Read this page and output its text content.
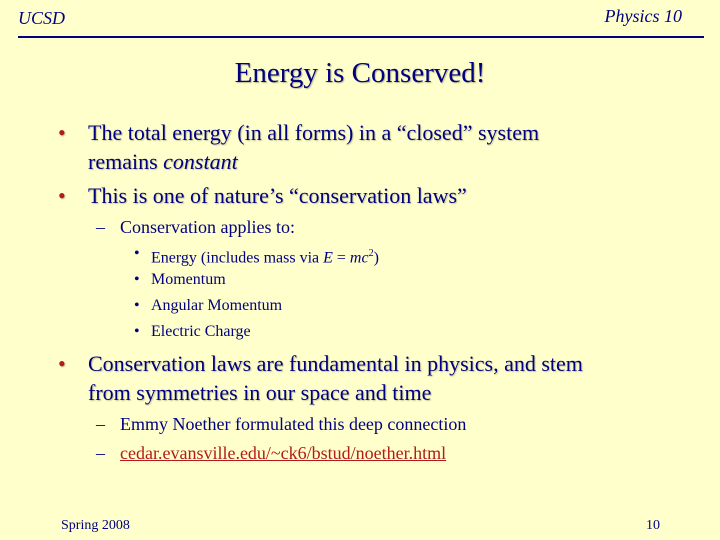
UCSD	Physics 10
Energy is Conserved!
• The total energy (in all forms) in a “closed” system
remains constant
• This is one of nature’s “conservation laws”
– Conservation applies to:
• Energy (includes mass via $E = mc^2$)
• Momentum
• Angular Momentum
• Electric Charge
• Conservation laws are fundamental in physics, and stem
from symmetries in our space and time
– Emmy Noether formulated this deep connection
– cedar.evansville.edu/~ck6/bstud/noether.html
Spring 2008	10
